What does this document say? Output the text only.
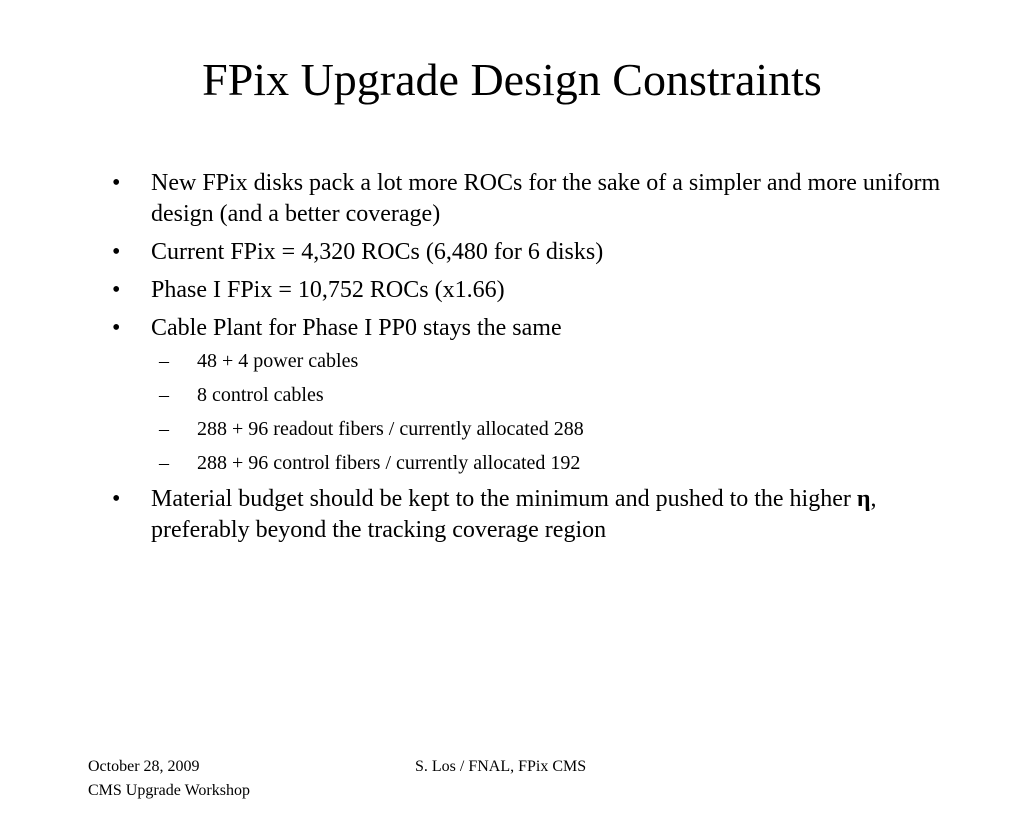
FPix Upgrade Design Constraints
• New FPix disks pack a lot more ROCs for the sake of a simpler and more uniform design (and a better coverage)
• Current FPix = 4,320 ROCs (6,480 for 6 disks)
• Phase I FPix = 10,752 ROCs (x1.66)
• Cable Plant for Phase I PP0 stays the same
– 48 + 4 power cables
– 8 control cables
– 288 + 96 readout fibers / currently allocated 288
– 288 + 96 control fibers / currently allocated 192
• Material budget should be kept to the minimum and pushed to the higher η, preferably beyond the tracking coverage region
October 28, 2009
CMS Upgrade Workshop
S. Los / FNAL, FPix CMS
